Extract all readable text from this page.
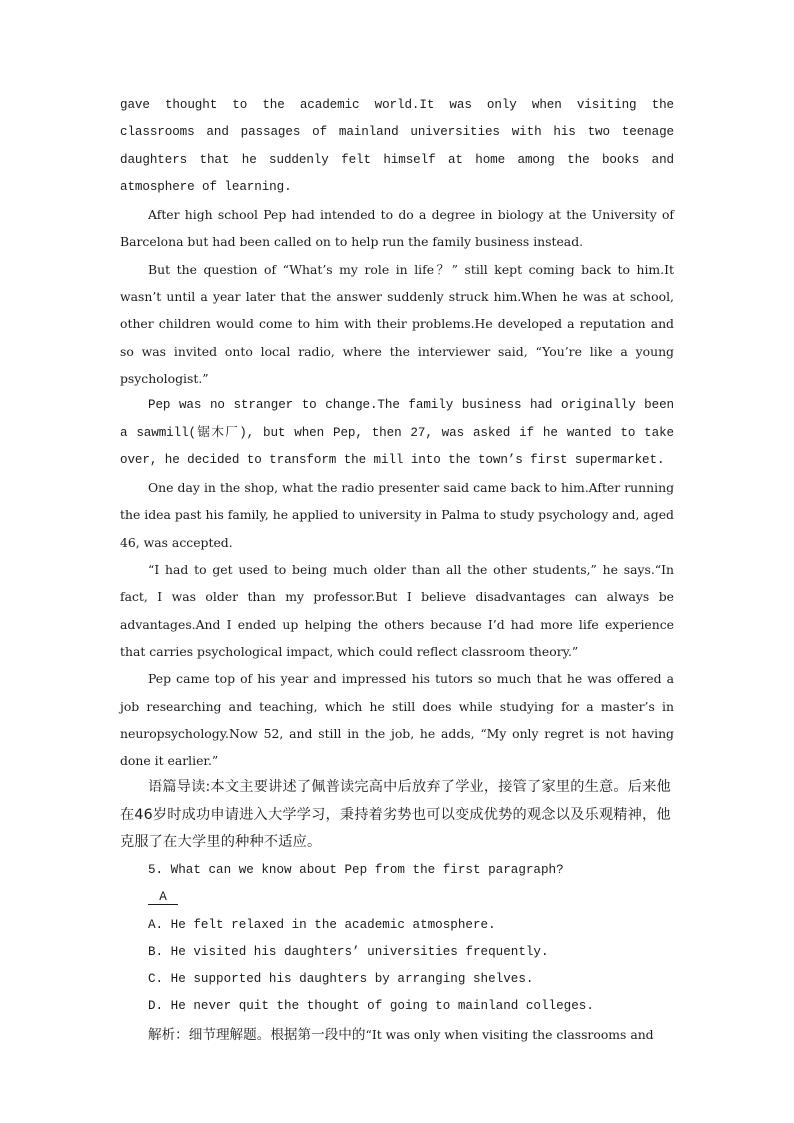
gave thought to the academic world.It was only when visiting the classrooms and passages of mainland universities with his two teenage daughters that he suddenly felt himself at home among the books and atmosphere of learning.

After high school Pep had intended to do a degree in biology at the University of Barcelona but had been called on to help run the family business instead.

But the question of “What’s my role in life？” still kept coming back to him.It wasn’t until a year later that the answer suddenly struck him.When he was at school, other children would come to him with their problems.He developed a reputation and so was invited onto local radio, where the interviewer said, “You’re like a young psychologist.”

Pep was no stranger to change.The family business had originally been a sawmill(锯木厂), but when Pep, then 27, was asked if he wanted to take over, he decided to transform the mill into the town’s first supermarket.

One day in the shop, what the radio presenter said came back to him.After running the idea past his family, he applied to university in Palma to study psychology and, aged 46, was accepted.

“I had to get used to being much older than all the other students,” he says.“In fact, I was older than my professor.But I believe disadvantages can always be advantages.And I ended up helping the others because I’d had more life experience that carries psychological impact, which could reflect classroom theory.”

Pep came top of his year and impressed his tutors so much that he was offered a job researching and teaching, which he still does while studying for a master’s in neuropsychology.Now 52, and still in the job, he adds, “My only regret is not having done it earlier.”

语篇导读:本文主要讲述了佩普读完高中后放弃了学业，接管了家里的生意。后来他在46岁时成功申请进入大学学习，秉持着劣势也可以变成优势的观念以及乐观精神，他克服了在大学里的种种不适应。

5. What can we know about Pep from the first paragraph?

A

A. He felt relaxed in the academic atmosphere.

B. He visited his daughters’ universities frequently.

C. He supported his daughters by arranging shelves.

D. He never quit the thought of going to mainland colleges.

解析：细节理解题。根据第一段中的“It was only when visiting the classrooms and
